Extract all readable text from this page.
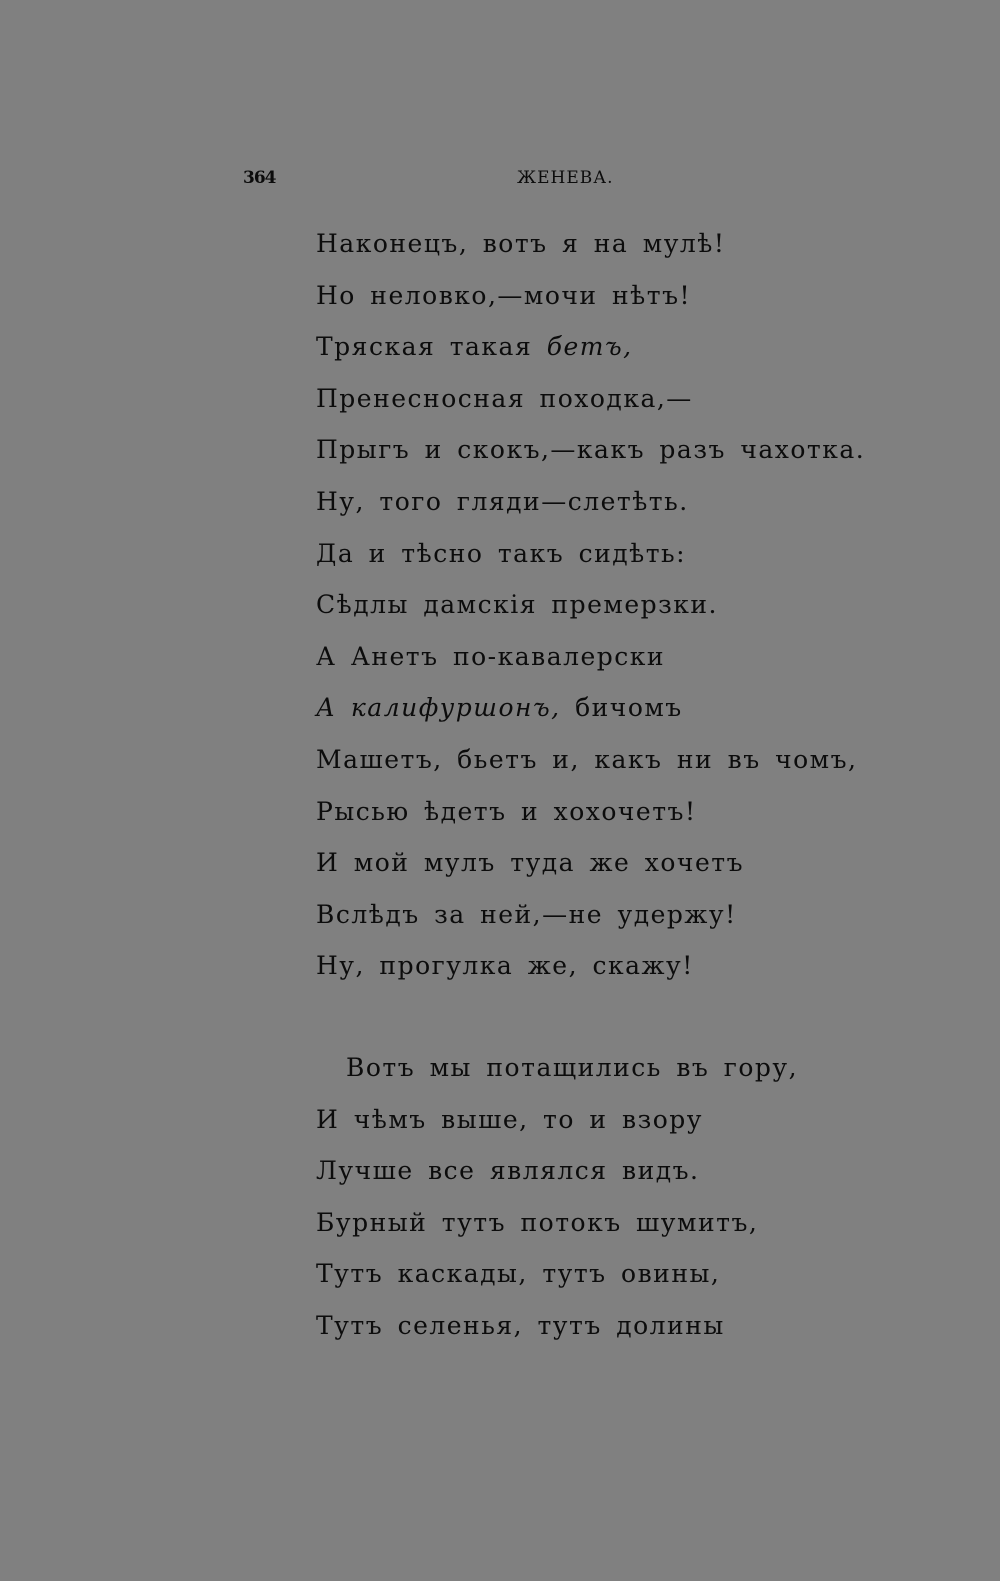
364	ЖЕНЕВА.
Наконецъ, вотъ я на мулѣ!
Но неловко,—мочи нѣтъ!
Тряская такая бетъ,
Пренесносная походка,—
Прыгъ и скокъ,—какъ разъ чахотка.
Ну, того гляди—слетѣть.
Да и тѣсно такъ сидѣть:
Сѣдлы дамскія премерзки.
А Анетъ по-кавалерски
А калифуршонъ, бичомъ
Машетъ, бьетъ и, какъ ни въ чомъ,
Рысью ѣдетъ и хохочетъ!
И мой мулъ туда же хочетъ
Вслѣдъ за ней,—не удержу!
Ну, прогулка же, скажу!
Вотъ мы потащились въ гору,
И чѣмъ выше, то и взору
Лучше все являлся видъ.
Бурный тутъ потокъ шумитъ,
Тутъ каскады, тутъ овины,
Тутъ селенья, тутъ долины
